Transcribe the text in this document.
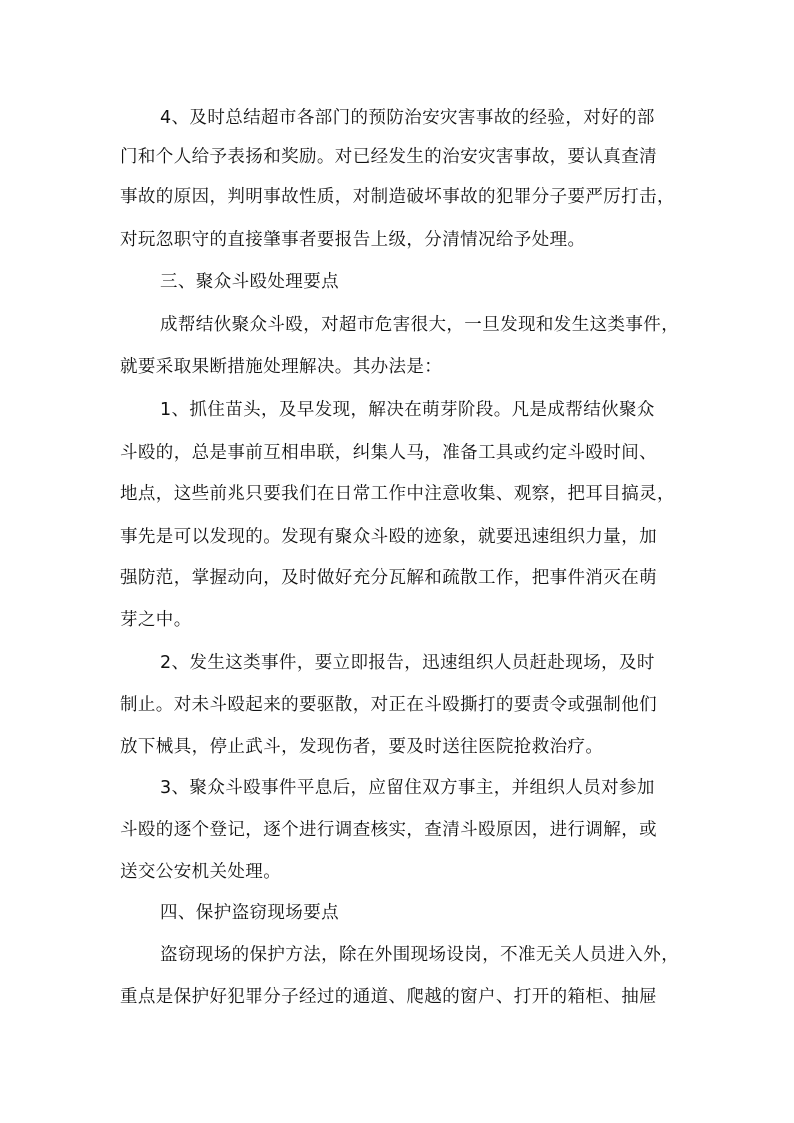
4、及时总结超市各部门的预防治安灾害事故的经验，对好的部
门和个人给予表扬和奖励。对已经发生的治安灾害事故，要认真查清
事故的原因，判明事故性质，对制造破坏事故的犯罪分子要严厉打击，
对玩忽职守的直接肇事者要报告上级，分清情况给予处理。
三、聚众斗殴处理要点
成帮结伙聚众斗殴，对超市危害很大，一旦发现和发生这类事件，
就要采取果断措施处理解决。其办法是：
1、抓住苗头，及早发现，解决在萌芽阶段。凡是成帮结伙聚众
斗殴的，总是事前互相串联，纠集人马，准备工具或约定斗殴时间、
地点，这些前兆只要我们在日常工作中注意收集、观察，把耳目搞灵，
事先是可以发现的。发现有聚众斗殴的迹象，就要迅速组织力量，加
强防范，掌握动向，及时做好充分瓦解和疏散工作，把事件消灭在萌
芽之中。
2、发生这类事件，要立即报告，迅速组织人员赶赴现场，及时
制止。对未斗殴起来的要驱散，对正在斗殴撕打的要责令或强制他们
放下械具，停止武斗，发现伤者，要及时送往医院抢救治疗。
3、聚众斗殴事件平息后，应留住双方事主，并组织人员对参加
斗殴的逐个登记，逐个进行调查核实，查清斗殴原因，进行调解，或
送交公安机关处理。
四、保护盗窃现场要点
盗窃现场的保护方法，除在外围现场设岗，不准无关人员进入外，
重点是保护好犯罪分子经过的通道、爬越的窗户、打开的箱柜、抽屉
